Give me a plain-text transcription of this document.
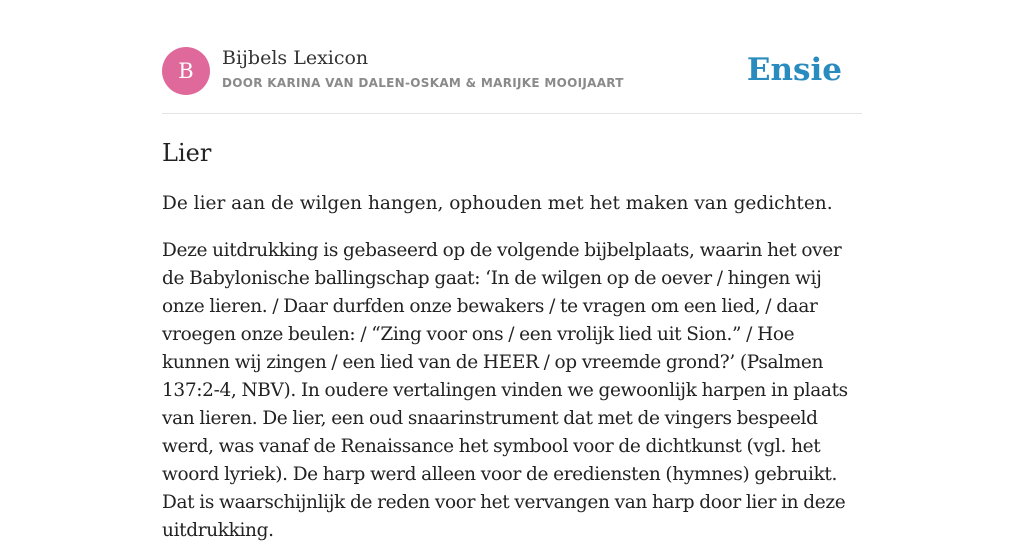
B
Bijbels Lexicon
DOOR KARINA VAN DALEN-OSKAM & MARIJKE MOOIJAART	Ensie
Lier

De lier aan de wilgen hangen, ophouden met het maken van gedichten.

Deze uitdrukking is gebaseerd op de volgende bijbelplaats, waarin het over de Babylonische ballingschap gaat: ‘In de wilgen op de oever / hingen wij onze lieren. / Daar durfden onze bewakers / te vragen om een lied, / daar vroegen onze beulen: / “Zing voor ons / een vrolijk lied uit Sion.” / Hoe kunnen wij zingen / een lied van de HEER / op vreemde grond?’ (Psalmen 137:2-4, NBV). In oudere vertalingen vinden we gewoonlijk harpen in plaats van lieren. De lier, een oud snaarinstrument dat met de vingers bespeeld werd, was vanaf de Renaissance het symbool voor de dichtkunst (vgl. het woord lyriek). De harp werd alleen voor de erediensten (hymnes) gebruikt. Dat is waarschijnlijk de reden voor het vervangen van harp door lier in deze uitdrukking.
